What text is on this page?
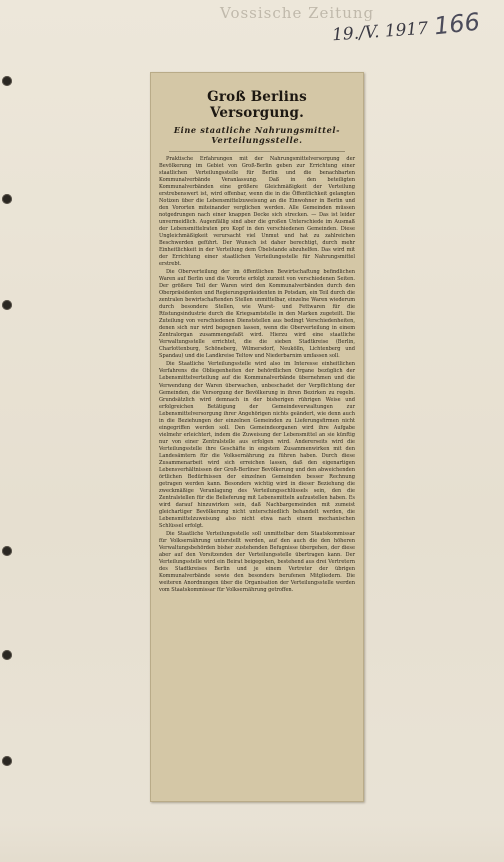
Vossische Zeitung
19./V. 1917 166
Groß Berlins Versorgung.
Eine staatliche Nahrungsmittel-Verteilungsstelle.

Praktische Erfahrungen mit der Nahrungsmittelversorgung der Bevölkerung im Gebiet von Groß-Berlin geben zur Errichtung einer staatlichen Verteilungsstelle für Berlin und die benachbarten Kommunalverbände Veranlassung. Daß in den beteiligten Kommunalverbänden eine größere Gleichmäßigkeit der Verteilung erstrebenswert ist, wird offenbar, wenn die in die Öffentlichkeit gelangten Notizen über die Lebensmittelzuweisung an die Einwohner in Berlin und den Vororten miteinander verglichen werden. Alle Gemeinden müssen notgedrungen nach einer knappen Decke sich strecken. — Das ist leider unvermeidlich. Augenfällig sind aber die großen Unterschiede im Ausmaß der Lebensmittelraten pro Kopf in den verschiedenen Gemeinden. Diese Ungleichmäßigkeit verursacht viel Unmut und hat zu zahlreichen Beschwerden geführt. Der Wunsch ist daher berechtigt, durch mehr Einheitlichkeit in der Verteilung dem Übelstande abzuhelfen. Das wird mit der Errichtung einer staatlichen Verteilungsstelle für Nahrungsmittel erstrebt.

Die Oberverteilung der im öffentlichen Bewirtschaftung befindlichen Waren auf Berlin und die Vororte erfolgt zurzeit von verschiedenen Seiten. Der größere Teil der Waren wird den Kommunalverbänden durch den Oberpräsidenten und Regierungspräsidenten in Potsdam, ein Teil durch die zentralen bewirtschaftenden Stellen unmittelbar, einzelne Waren wiederum durch besondere Stellen, wie Wurst- und Fettwaren für die Rüstungsindustrie durch die Kriegsamtstelle in den Marken zugeteilt. Die Zuteilung von verschiedenen Dienststellen aus bedingt Verschiedenheiten, denen sich nur wird begegnen lassen, wenn die Oberverteilung in einem Zentralorgan zusammengefaßt wird. Hierzu wird eine staatliche Verwaltungsstelle errichtet, die die sieben Stadtkreise (Berlin, Charlottenburg, Schöneberg, Wilmersdorf, Neukölln, Lichtenberg und Spandau) und die Landkreise Teltow und Niederbarnim umfassen soll.

Die Staatliche Verteilungsstelle wird also im Interesse einheitlichen Verfahrens die Obliegenheiten der behördlichen Organe bezüglich der Lebensmittelverteilung auf die Kommunalverbände übernehmen und die Verwendung der Waren überwachen, unbeschadet der Verpflichtung der Gemeinden, die Versorgung der Bevölkerung in ihren Bezirken zu regeln. Grundsätzlich wird demnach in der bisherigen rührigen Weise und erfolgreichen Betätigung der Gemeindeverwaltungen zur Lebensmittelversorgung ihrer Angehörigen nichts geändert, wie denn auch in die Beziehungen der einzelnen Gemeinden zu Lieferungsfirmen nicht eingegriffen werden soll. Den Gemeindeorganen wird ihre Aufgabe vielmehr erleichtert, indem die Zuweisung der Lebensmittel an sie künftig nur von einer Zentralstelle aus erfolgen wird. Andererseits wird die Verteilungsstelle ihre Geschäfte in engstem Zusammenwirken mit den Landesämtern für die Volksernährung zu führen haben. Durch diese Zusammenarbeit wird sich erreichen lassen, daß den eigenartigen Lebensverhältnissen der Groß-Berliner Bevölkerung und den abweichenden örtlichen Bedürfnissen der einzelnen Gemeinden besser Rechnung getragen werden kann. Besonders wichtig wird in dieser Beziehung die zweckmäßige Veranlagung des Verteilungsschlüssels sein, den die Zentralstellen für die Belieferung mit Lebensmitteln aufzustellen haben. Es wird darauf hinzuwirken sein, daß Nachbargemeinden mit zumeist gleichartiger Bevölkerung nicht unterschiedlich behandelt werden, die Lebensmittelzuweisung also nicht etwa nach einem mechanischen Schlüssel erfolgt.

Die Staatliche Verteilungsstelle soll unmittelbar dem Staatskommissar für Volksernährung unterstellt werden, auf den auch die den höheren Verwaltungsbehörden bisher zustehenden Befugnisse übergehen, der diese aber auf den Vorsitzenden der Verteilungsstelle übertragen kann. Der Verteilungsstelle wird ein Beirat beigegeben, bestehend aus drei Vertretern des Stadtkreises Berlin und je einem Vertreter der übrigen Kommunalverbände sowie den besonders berufenen Mitgliedern. Die weiteren Anordnungen über die Organisation der Verteilungsstelle werden vom Staatskommissar für Volksernährung getroffen.
